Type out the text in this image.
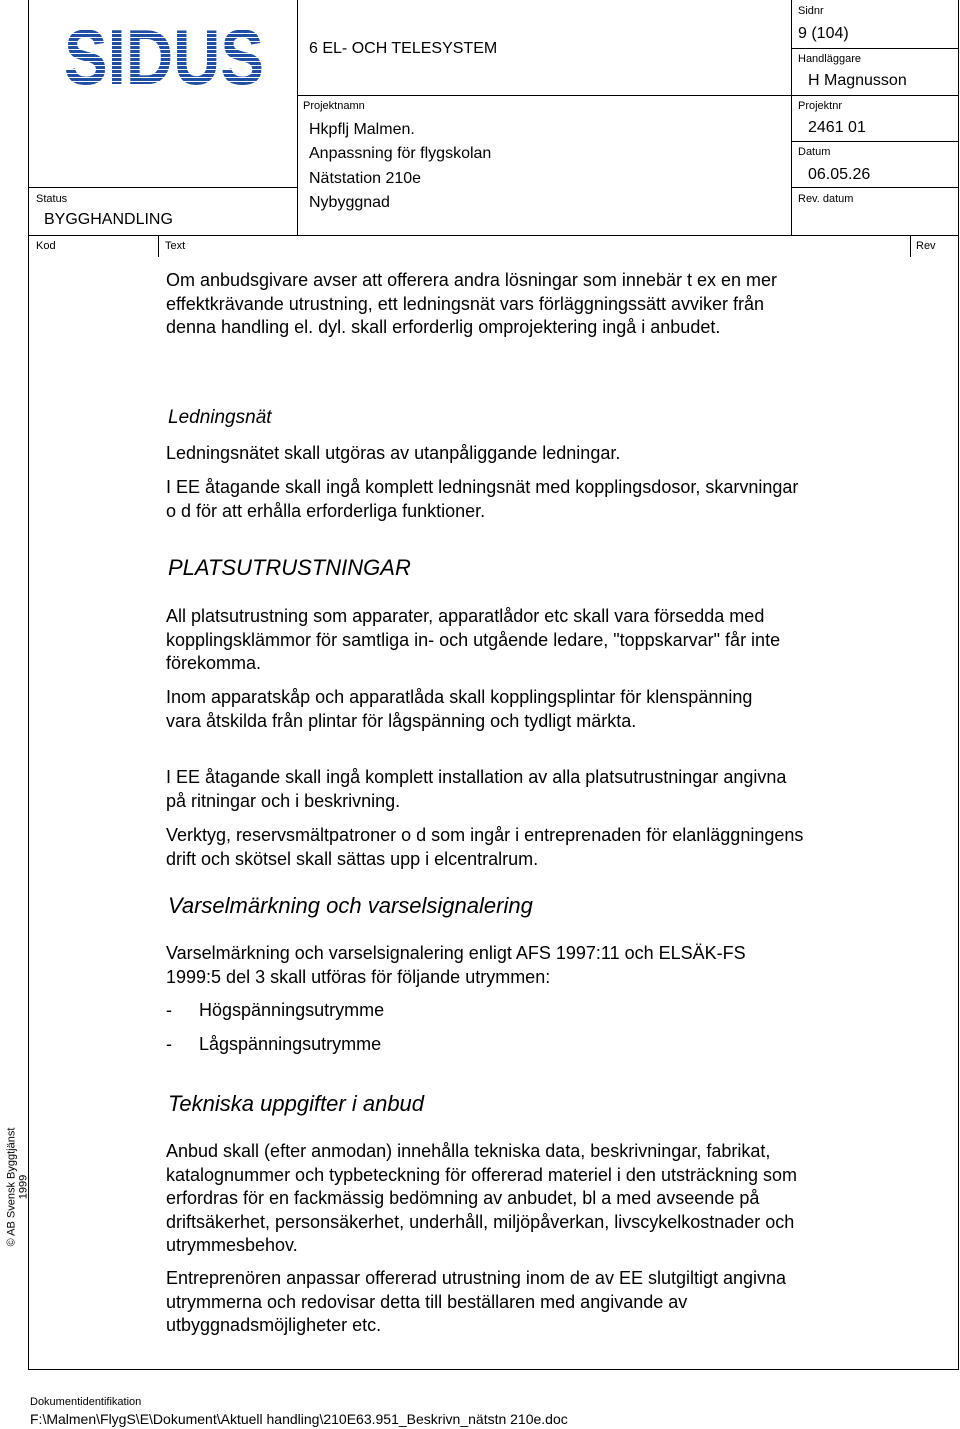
SIDUS	6 EL- OCH TELESYSTEM
Sidnr
9 (104)
Handläggare
H Magnusson
Projektnamn
Hkpflj Malmen.
Anpassning för flygskolan
Nätstation 210e
Nybyggnad
Projektnr
2461 01
Datum
06.05.26
Rev. datum
Status
BYGGHANDLING
Kod	Text	Rev
Om anbudsgivare avser att offerera andra lösningar som innebär t ex en mer effektkrävande utrustning, ett ledningsnät vars förläggningssätt avviker från denna handling el. dyl. skall erforderlig omprojektering ingå i anbudet.
Ledningsnät
Ledningsnätet skall utgöras av utanpåliggande ledningar.
I EE åtagande skall ingå komplett ledningsnät med kopplingsdosor, skarvningar o d för att erhålla erforderliga funktioner.
PLATSUTRUSTNINGAR
All platsutrustning som apparater, apparatlådor etc skall vara försedda med kopplingsklämmor för samtliga in- och utgående ledare, "toppskarvar" får inte förekomma.
Inom apparatskåp och apparatlåda skall kopplingsplintar för klenspänning vara åtskilda från plintar för lågspänning och tydligt märkta.
I EE åtagande skall ingå komplett installation av alla platsutrustningar angivna på ritningar och i beskrivning.
Verktyg, reservsmältpatroner o d som ingår i entreprenaden för elanläggningens drift och skötsel skall sättas upp i elcentralrum.
Varselmärkning och varselsignalering
Varselmärkning och varselsignalering enligt AFS 1997:11 och ELSÄK-FS 1999:5 del 3 skall utföras för följande utrymmen:
- Högspänningsutrymme
- Lågspänningsutrymme
Tekniska uppgifter i anbud
Anbud skall (efter anmodan) innehålla tekniska data, beskrivningar, fabrikat, katalognummer och typbeteckning för offererad materiel i den utsträckning som erfordras för en fackmässig bedömning av anbudet, bl a med avseende på driftsäkerhet, personsäkerhet, underhåll, miljöpåverkan, livscykelkostnader och utrymmesbehov.
Entreprenören anpassar offererad utrustning inom de av EE slutgiltigt angivna utrymmerna och redovisar detta till beställaren med angivande av utbyggnadsmöjligheter etc.
© AB Svensk Byggtjänst 1999
Dokumentidentifikation
F:\Malmen\FlygS\E\Dokument\Aktuell handling\210E63.951_Beskrivn_nätstn 210e.doc
